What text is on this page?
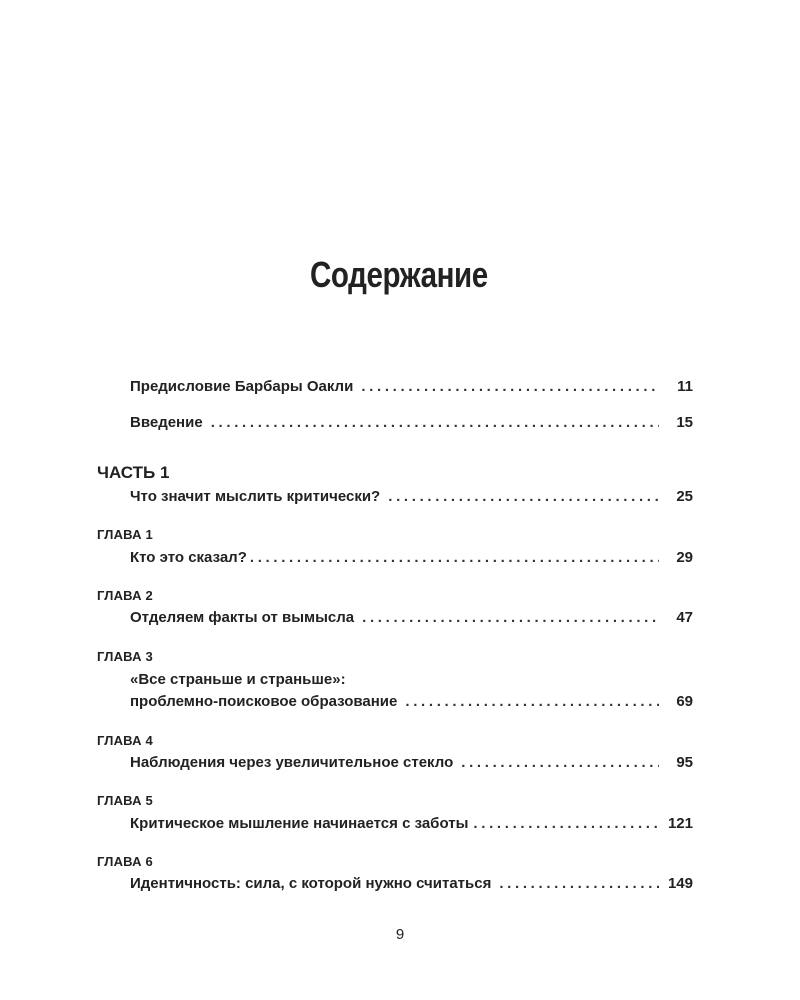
Содержание
Предисловие Барбары Оакли . . .	11
Введение . . .	15
ЧАСТЬ 1
Что значит мыслить критически? . . .	25
ГЛАВА 1
Кто это сказал? . . .	29
ГЛАВА 2
Отделяем факты от вымысла . . .	47
ГЛАВА 3
«Все страньше и страньше»:
проблемно-поисковое образование . . .	69
ГЛАВА 4
Наблюдения через увеличительное стекло . . .	95
ГЛАВА 5
Критическое мышление начинается с заботы . . .	121
ГЛАВА 6
Идентичность: сила, с которой нужно считаться . . .	149
9
